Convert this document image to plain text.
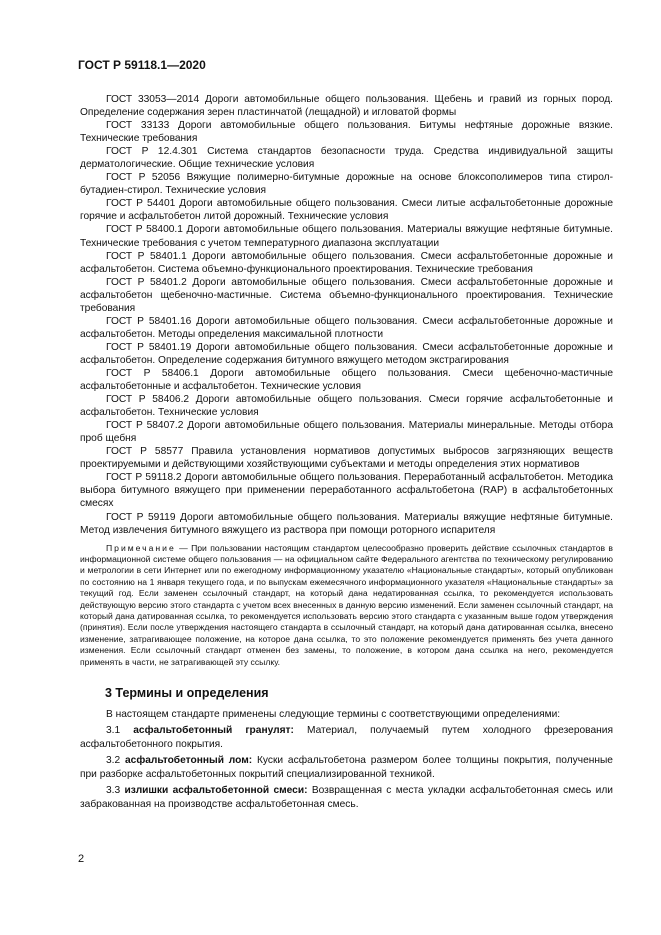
ГОСТ Р 59118.1—2020

ГОСТ 33053—2014 Дороги автомобильные общего пользования. Щебень и гравий из горных пород. Определение содержания зерен пластинчатой (лещадной) и игловатой формы

ГОСТ 33133 Дороги автомобильные общего пользования. Битумы нефтяные дорожные вязкие. Технические требования

ГОСТ Р 12.4.301 Система стандартов безопасности труда. Средства индивидуальной защиты дерматологические. Общие технические условия

ГОСТ Р 52056 Вяжущие полимерно-битумные дорожные на основе блоксополимеров типа стирол-бутадиен-стирол. Технические условия

ГОСТ Р 54401 Дороги автомобильные общего пользования. Смеси литые асфальтобетонные дорожные горячие и асфальтобетон литой дорожный. Технические условия

ГОСТ Р 58400.1 Дороги автомобильные общего пользования. Материалы вяжущие нефтяные битумные. Технические требования с учетом температурного диапазона эксплуатации

ГОСТ Р 58401.1 Дороги автомобильные общего пользования. Смеси асфальтобетонные дорожные и асфальтобетон. Система объемно-функционального проектирования. Технические требования

ГОСТ Р 58401.2 Дороги автомобильные общего пользования. Смеси асфальтобетонные дорожные и асфальтобетон щебеночно-мастичные. Система объемно-функционального проектирования. Технические требования

ГОСТ Р 58401.16 Дороги автомобильные общего пользования. Смеси асфальтобетонные дорожные и асфальтобетон. Методы определения максимальной плотности

ГОСТ Р 58401.19 Дороги автомобильные общего пользования. Смеси асфальтобетонные дорожные и асфальтобетон. Определение содержания битумного вяжущего методом экстрагирования

ГОСТ Р 58406.1 Дороги автомобильные общего пользования. Смеси щебеночно-мастичные асфальтобетонные и асфальтобетон. Технические условия

ГОСТ Р 58406.2 Дороги автомобильные общего пользования. Смеси горячие асфальтобетонные и асфальтобетон. Технические условия

ГОСТ Р 58407.2 Дороги автомобильные общего пользования. Материалы минеральные. Методы отбора проб щебня

ГОСТ Р 58577 Правила установления нормативов допустимых выбросов загрязняющих веществ проектируемыми и действующими хозяйствующими субъектами и методы определения этих нормативов

ГОСТ Р 59118.2 Дороги автомобильные общего пользования. Переработанный асфальтобетон. Методика выбора битумного вяжущего при применении переработанного асфальтобетона (RAP) в асфальтобетонных смесях

ГОСТ Р 59119 Дороги автомобильные общего пользования. Материалы вяжущие нефтяные битумные. Метод извлечения битумного вяжущего из раствора при помощи роторного испарителя

Примечание — При пользовании настоящим стандартом целесообразно проверить действие ссылочных стандартов в информационной системе общего пользования — на официальном сайте Федерального агентства по техническому регулированию и метрологии в сети Интернет или по ежегодному информационному указателю «Национальные стандарты», который опубликован по состоянию на 1 января текущего года, и по выпускам ежемесячного информационного указателя «Национальные стандарты» за текущий год. Если заменен ссылочный стандарт, на который дана недатированная ссылка, то рекомендуется использовать действующую версию этого стандарта с учетом всех внесенных в данную версию изменений. Если заменен ссылочный стандарт, на который дана датированная ссылка, то рекомендуется использовать версию этого стандарта с указанным выше годом утверждения (принятия). Если после утверждения настоящего стандарта в ссылочный стандарт, на который дана датированная ссылка, внесено изменение, затрагивающее положение, на которое дана ссылка, то это положение рекомендуется применять без учета данного изменения. Если ссылочный стандарт отменен без замены, то положение, в котором дана ссылка на него, рекомендуется применять в части, не затрагивающей эту ссылку.
3 Термины и определения

В настоящем стандарте применены следующие термины с соответствующими определениями:

3.1 асфальтобетонный гранулят: Материал, получаемый путем холодного фрезерования асфальтобетонного покрытия.

3.2 асфальтобетонный лом: Куски асфальтобетона размером более толщины покрытия, полученные при разборке асфальтобетонных покрытий специализированной техникой.

3.3 излишки асфальтобетонной смеси: Возвращенная с места укладки асфальтобетонная смесь или забракованная на производстве асфальтобетонная смесь.

2
